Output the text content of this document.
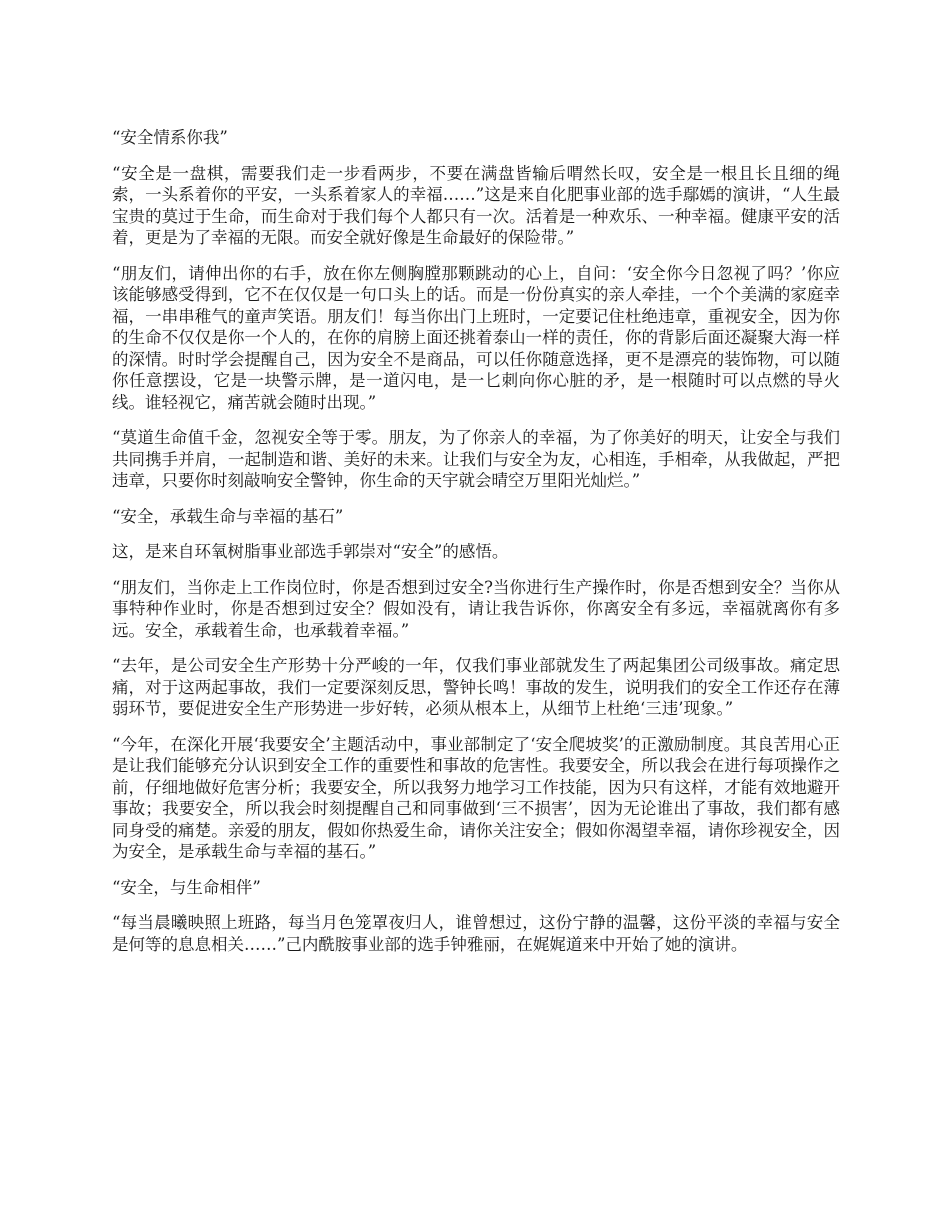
“安全情系你我”

“安全是一盘棋，需要我们走一步看两步，不要在满盘皆输后喟然长叹，安全是一根且长且细的绳索，一头系着你的平安，一头系着家人的幸福……”这是来自化肥事业部的选手鄢嫣的演讲，“人生最宝贵的莫过于生命，而生命对于我们每个人都只有一次。活着是一种欢乐、一种幸福。健康平安的活着，更是为了幸福的无限。而安全就好像是生命最好的保险带。”

“朋友们，请伸出你的右手，放在你左侧胸膛那颗跳动的心上，自问：‘安全你今日忽视了吗？’你应该能够感受得到，它不在仅仅是一句口头上的话。而是一份份真实的亲人牵挂，一个个美满的家庭幸福，一串串稚气的童声笑语。朋友们！每当你出门上班时，一定要记住杜绝违章，重视安全，因为你的生命不仅仅是你一个人的，在你的肩膀上面还挑着泰山一样的责任，你的背影后面还凝聚大海一样的深情。时时学会提醒自己，因为安全不是商品，可以任你随意选择，更不是漂亮的装饰物，可以随你任意摆设，它是一块警示牌，是一道闪电，是一匕刺向你心脏的矛，是一根随时可以点燃的导火线。谁轻视它，痛苦就会随时出现。”

“莫道生命值千金，忽视安全等于零。朋友，为了你亲人的幸福，为了你美好的明天，让安全与我们共同携手并肩，一起制造和谐、美好的未来。让我们与安全为友，心相连，手相牵，从我做起，严把违章，只要你时刻敲响安全警钟，你生命的天宇就会晴空万里阳光灿烂。”

“安全，承载生命与幸福的基石”

这，是来自环氧树脂事业部选手郭崇对“安全”的感悟。

“朋友们，当你走上工作岗位时，你是否想到过安全?当你进行生产操作时，你是否想到安全？当你从事特种作业时，你是否想到过安全？假如没有，请让我告诉你，你离安全有多远，幸福就离你有多远。安全，承载着生命，也承载着幸福。”

“去年，是公司安全生产形势十分严峻的一年，仅我们事业部就发生了两起集团公司级事故。痛定思痛，对于这两起事故，我们一定要深刻反思，警钟长鸣！事故的发生，说明我们的安全工作还存在薄弱环节，要促进安全生产形势进一步好转，必须从根本上，从细节上杜绝‘三违’现象。”

“今年，在深化开展‘我要安全’主题活动中，事业部制定了‘安全爬坡奖’的正激励制度。其良苦用心正是让我们能够充分认识到安全工作的重要性和事故的危害性。我要安全，所以我会在进行每项操作之前，仔细地做好危害分析；我要安全，所以我努力地学习工作技能，因为只有这样，才能有效地避开事故；我要安全，所以我会时刻提醒自己和同事做到‘三不损害’，因为无论谁出了事故，我们都有感同身受的痛楚。亲爱的朋友，假如你热爱生命，请你关注安全；假如你渴望幸福，请你珍视安全，因为安全，是承载生命与幸福的基石。”

“安全，与生命相伴”

“每当晨曦映照上班路，每当月色笼罩夜归人，谁曾想过，这份宁静的温馨，这份平淡的幸福与安全是何等的息息相关……”己内酰胺事业部的选手钟雅丽，在娓娓道来中开始了她的演讲。
